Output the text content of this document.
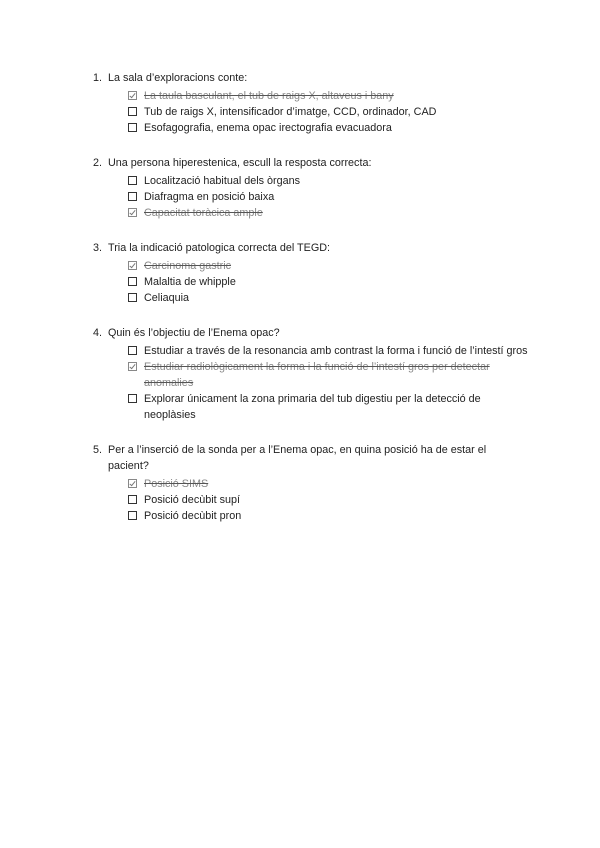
1. La sala d’exploracions conte:
La taula basculant, el tub de raigs X, altaveus i bany
Tub de raigs X, intensificador d’imatge, CCD, ordinador, CAD
Esofagografia, enema opac irectografia evacuadora
2. Una persona hiperestenica, escull la resposta correcta:
Localització habitual dels òrgans
Diafragma en posició baixa
Capacitat toràcica ample
3. Tria la indicació patologica correcta del TEGD:
Carcinoma gastric
Malaltia de whipple
Celiaquia
4. Quin és l’objectiu de l’Enema opac?
Estudiar a través de la resonancia amb contrast la forma i funció de l’intestí gros
Estudiar radiològicament la forma i la funció de l’intestí gros per detectar anomalies
Explorar únicament la zona primaria del tub digestiu per la detecció de neoplàsies
5. Per a l’inserció de la sonda per a l’Enema opac, en quina posició ha de estar el pacient?
Posició SIMS
Posició decùbit supí
Posició decùbit pron
